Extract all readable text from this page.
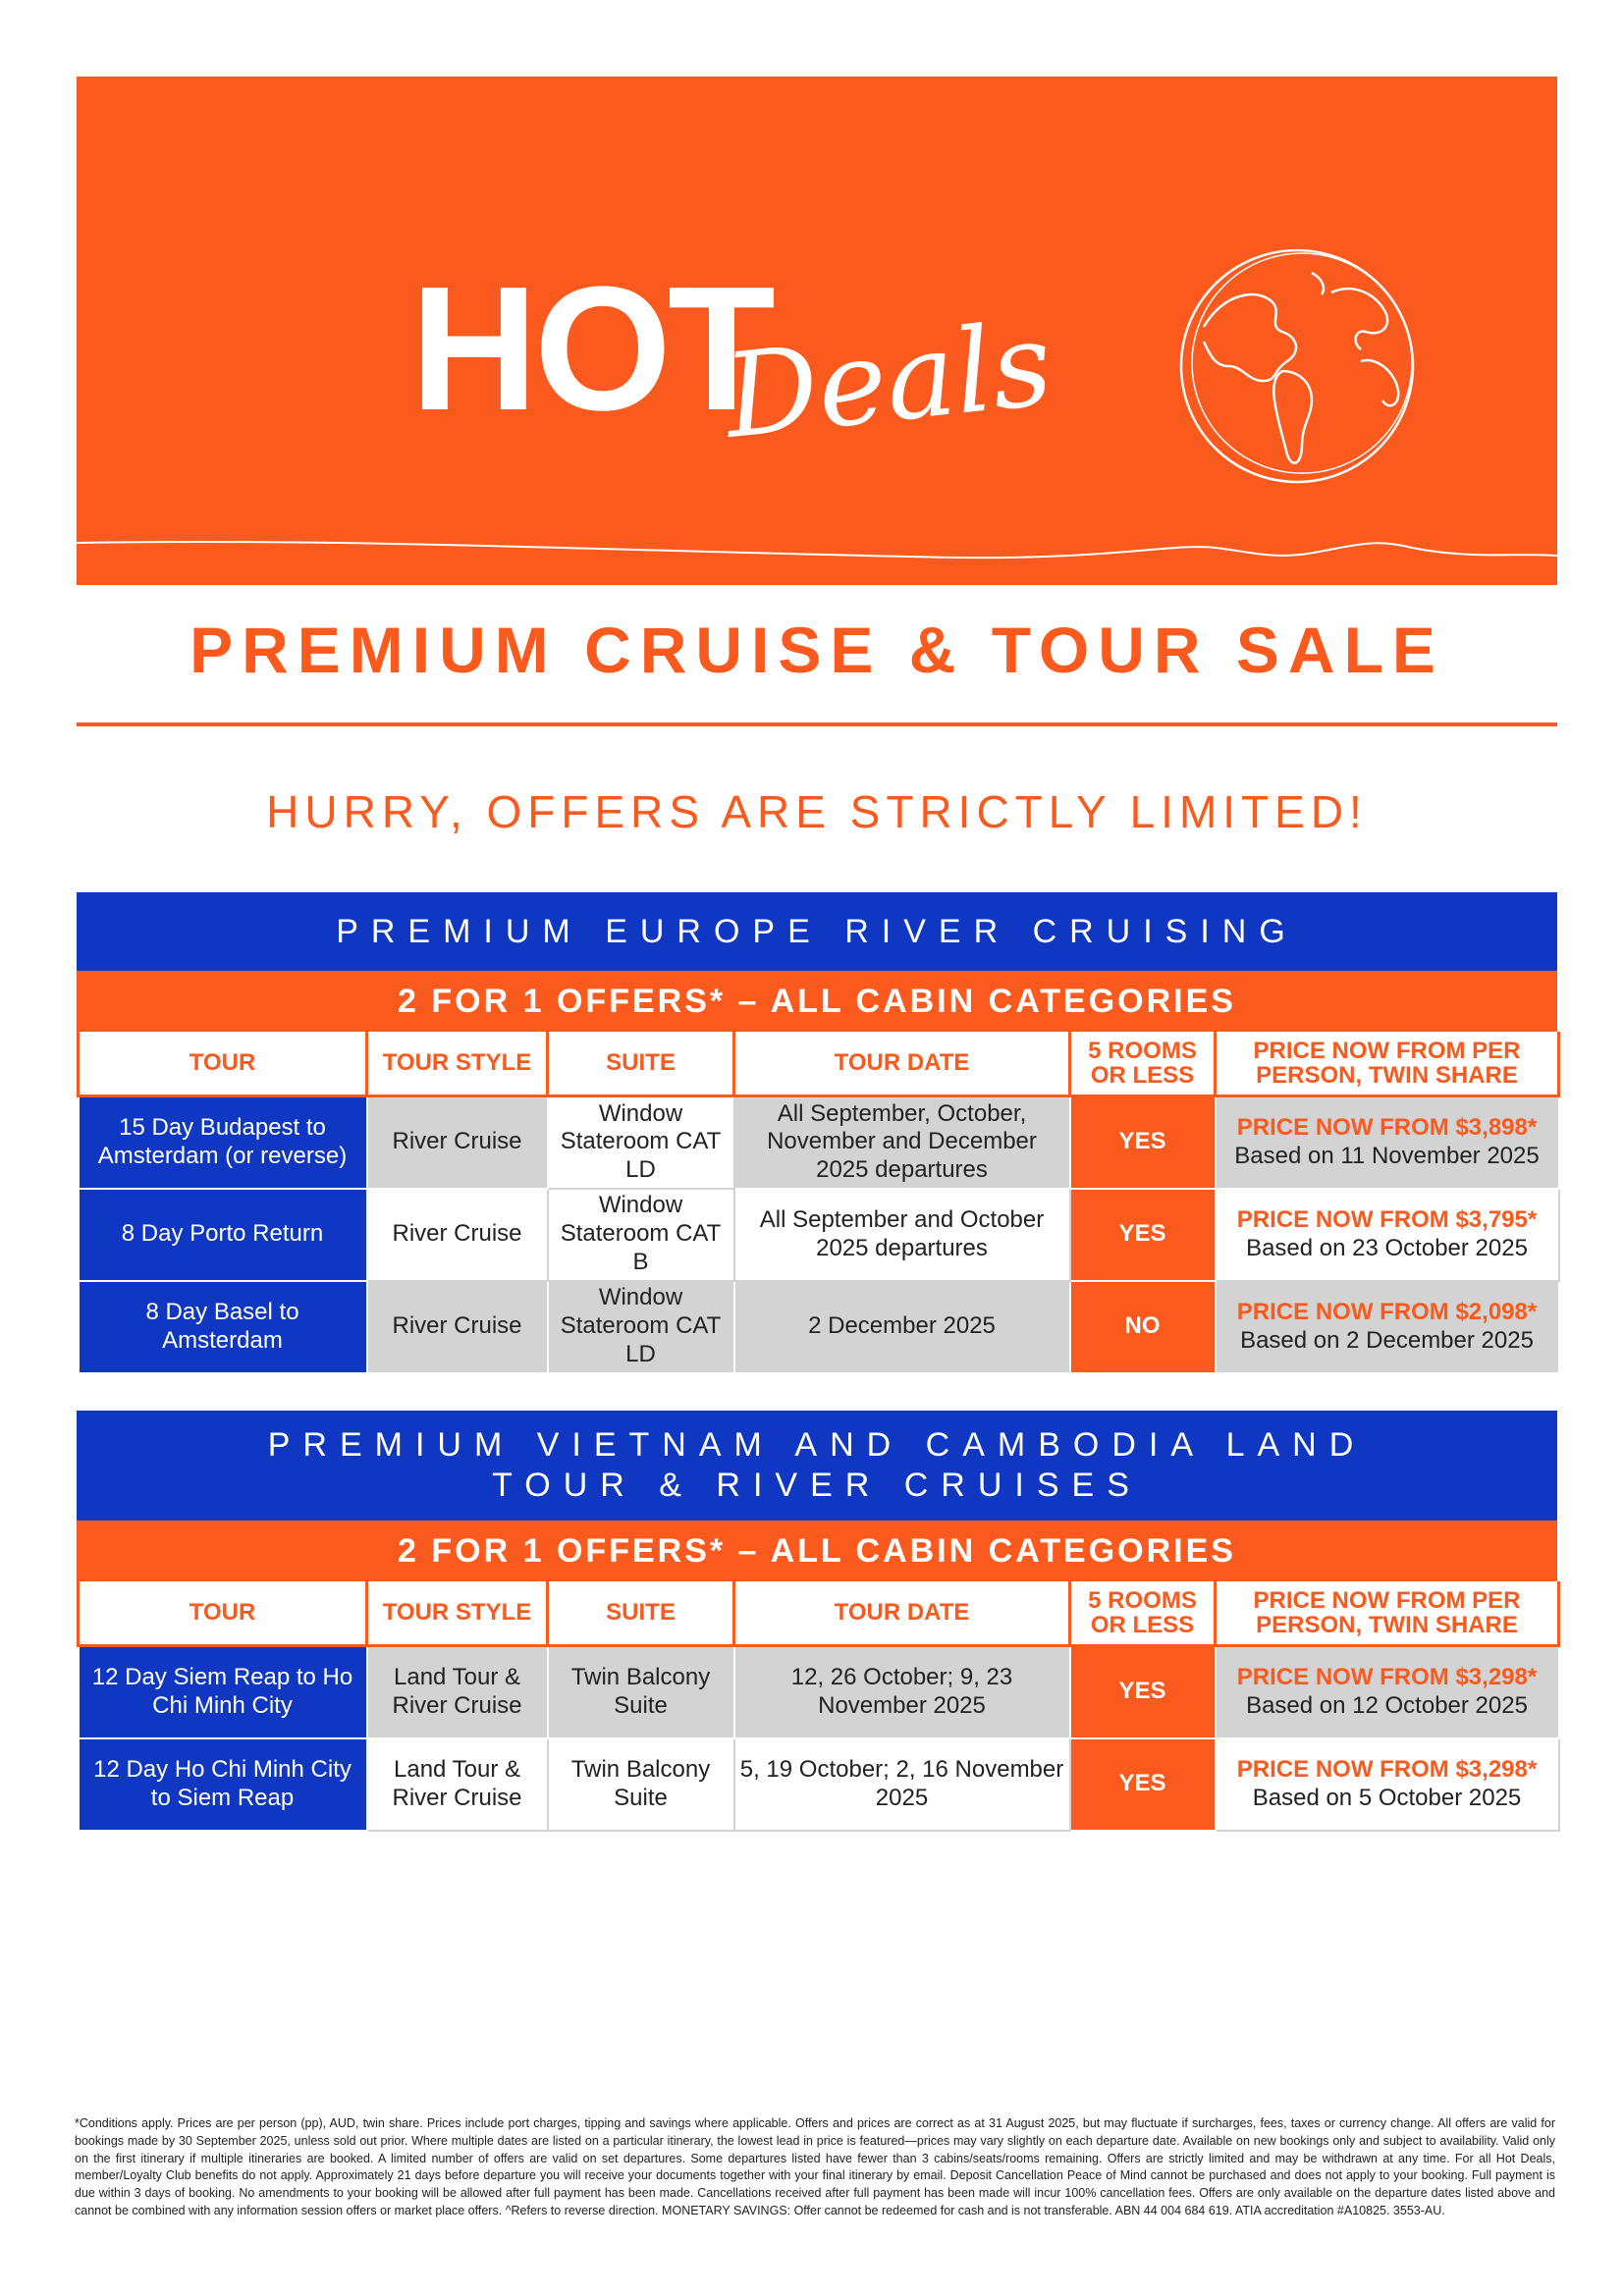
HOT
Deals
PREMIUM CRUISE & TOUR SALE
HURRY, OFFERS ARE STRICTLY LIMITED!
PREMIUM EUROPE RIVER CRUISING
2 FOR 1 OFFERS* – ALL CABIN CATEGORIES
TOUR	TOUR STYLE	SUITE	TOUR DATE	5 ROOMS OR LESS	PRICE NOW FROM PER PERSON, TWIN SHARE
15 Day Budapest to Amsterdam (or reverse)	River Cruise	Window Stateroom CAT LD	All September, October, November and December 2025 departures	YES	PRICE NOW FROM $3,898*
Based on 11 November 2025

8 Day Porto Return	River Cruise	Window Stateroom CAT B	All September and October 2025 departures	YES	PRICE NOW FROM $3,795*
Based on 23 October 2025

8 Day Basel to Amsterdam	River Cruise	Window Stateroom CAT LD	2 December 2025	NO	PRICE NOW FROM $2,098*
Based on 2 December 2025
PREMIUM VIETNAM AND CAMBODIA LAND TOUR & RIVER CRUISES
2 FOR 1 OFFERS* – ALL CABIN CATEGORIES
TOUR	TOUR STYLE	SUITE	TOUR DATE	5 ROOMS OR LESS	PRICE NOW FROM PER PERSON, TWIN SHARE
12 Day Siem Reap to Ho Chi Minh City	Land Tour & River Cruise	Twin Balcony Suite	12, 26 October; 9, 23 November 2025	YES	PRICE NOW FROM $3,298*
Based on 12 October 2025

12 Day Ho Chi Minh City to Siem Reap	Land Tour & River Cruise	Twin Balcony Suite	5, 19 October; 2, 16 November 2025	YES	PRICE NOW FROM $3,298*
Based on 5 October 2025
*Conditions apply. Prices are per person (pp), AUD, twin share. Prices include port charges, tipping and savings where applicable. Offers and prices are correct as at 31 August 2025, but may fluctuate if surcharges, fees, taxes or currency change. All offers are valid for bookings made by 30 September 2025, unless sold out prior. Where multiple dates are listed on a particular itinerary, the lowest lead in price is featured—prices may vary slightly on each departure date. Available on new bookings only and subject to availability. Valid only on the first itinerary if multiple itineraries are booked. A limited number of offers are valid on set departures. Some departures listed have fewer than 3 cabins/seats/rooms remaining. Offers are strictly limited and may be withdrawn at any time. For all Hot Deals, member/Loyalty Club benefits do not apply. Approximately 21 days before departure you will receive your documents together with your final itinerary by email. Deposit Cancellation Peace of Mind cannot be purchased and does not apply to your booking. Full payment is due within 3 days of booking. No amendments to your booking will be allowed after full payment has been made. Cancellations received after full payment has been made will incur 100% cancellation fees. Offers are only available on the departure dates listed above and cannot be combined with any information session offers or market place offers. ^Refers to reverse direction. MONETARY SAVINGS: Offer cannot be redeemed for cash and is not transferable. ABN 44 004 684 619. ATIA accreditation #A10825. 3553-AU.
